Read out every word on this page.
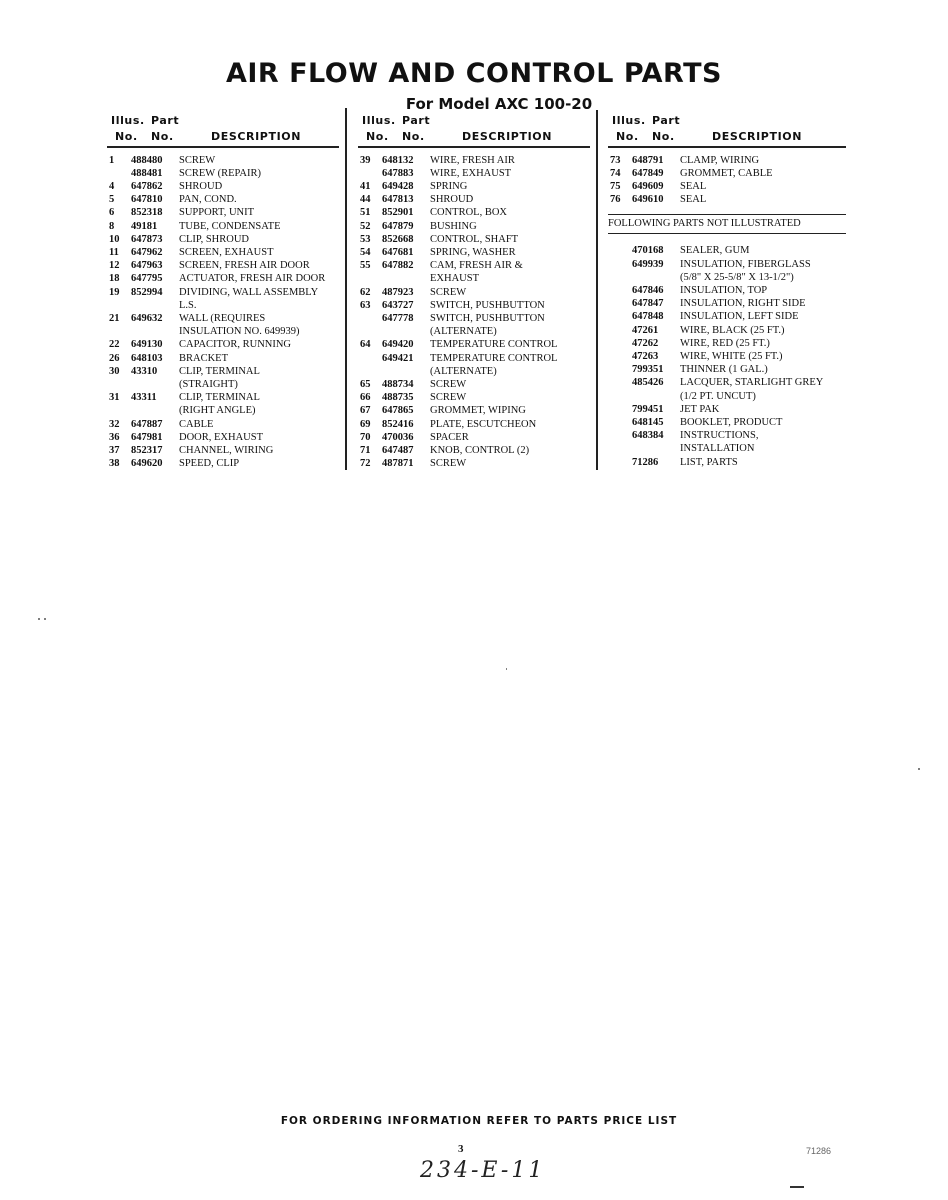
AIR FLOW AND CONTROL PARTS
For Model AXC 100-20
Illus. Part
No. No.	DESCRIPTION
1	488480	SCREW
488481	SCREW (REPAIR)
4	647862	SHROUD
5	647810	PAN, COND.
6	852318	SUPPORT, UNIT
8	49181	TUBE, CONDENSATE
10	647873	CLIP, SHROUD
11	647962	SCREEN, EXHAUST
12	647963	SCREEN, FRESH AIR DOOR
18	647795	ACTUATOR, FRESH AIR DOOR
19	852994	DIVIDING, WALL ASSEMBLY
L.S.
21	649632	WALL (REQUIRES
INSULATION NO. 649939)
22	649130	CAPACITOR, RUNNING
26	648103	BRACKET
30	43310	CLIP, TERMINAL
(STRAIGHT)
31	43311	CLIP, TERMINAL
(RIGHT ANGLE)
32	647887	CABLE
36	647981	DOOR, EXHAUST
37	852317	CHANNEL, WIRING
38	649620	SPEED, CLIP
Illus. Part
No. No.	DESCRIPTION
39	648132	WIRE, FRESH AIR
647883	WIRE, EXHAUST
41	649428	SPRING
44	647813	SHROUD
51	852901	CONTROL, BOX
52	647879	BUSHING
53	852668	CONTROL, SHAFT
54	647681	SPRING, WASHER
55	647882	CAM, FRESH AIR &
EXHAUST
62	487923	SCREW
63	643727	SWITCH, PUSHBUTTON
647778	SWITCH, PUSHBUTTON
(ALTERNATE)
64	649420	TEMPERATURE CONTROL
649421	TEMPERATURE CONTROL
(ALTERNATE)
65	488734	SCREW
66	488735	SCREW
67	647865	GROMMET, WIPING
69	852416	PLATE, ESCUTCHEON
70	470036	SPACER
71	647487	KNOB, CONTROL (2)
72	487871	SCREW
Illus. Part
No. No.	DESCRIPTION
73	648791	CLAMP, WIRING
74	647849	GROMMET, CABLE
75	649609	SEAL
76	649610	SEAL
FOLLOWING PARTS NOT ILLUSTRATED
470168	SEALER, GUM
649939	INSULATION, FIBERGLASS
(5/8" X 25-5/8" X 13-1/2")
647846	INSULATION, TOP
647847	INSULATION, RIGHT SIDE
647848	INSULATION, LEFT SIDE
47261	WIRE, BLACK (25 FT.)
47262	WIRE, RED (25 FT.)
47263	WIRE, WHITE (25 FT.)
799351	THINNER (1 GAL.)
485426	LACQUER, STARLIGHT GREY
(1/2 PT. UNCUT)
799451	JET PAK
648145	BOOKLET, PRODUCT
648384	INSTRUCTIONS,
INSTALLATION
71286	LIST, PARTS
FOR ORDERING INFORMATION REFER TO PARTS PRICE LIST
3	71286
234-E-11
